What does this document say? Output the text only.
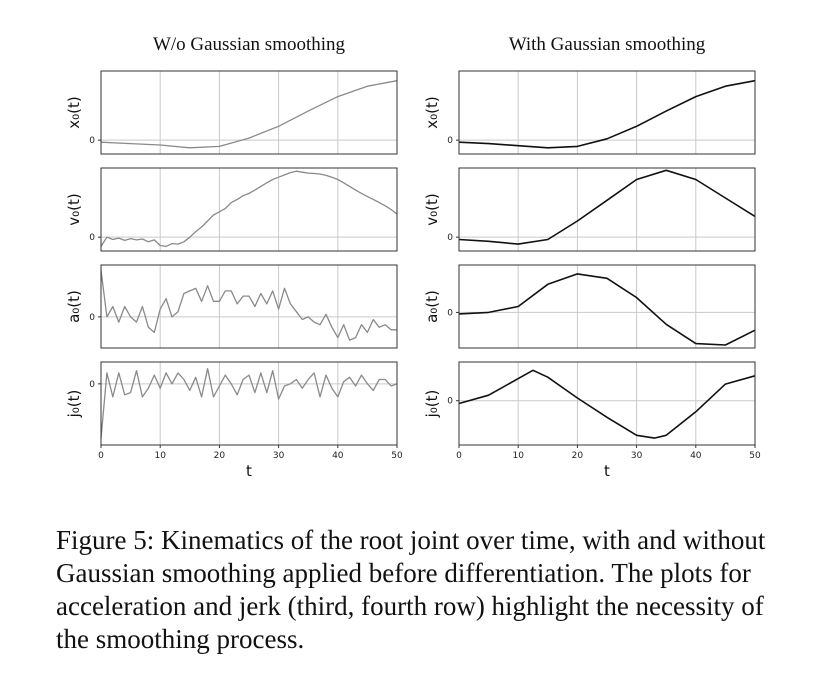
0
x₀(t)
W/o Gaussian smoothing
0
v₀(t)
0
a₀(t)
0
j₀(t)
0	10	20	30	40	50
t
0
x₀(t)
With Gaussian smoothing
0
v₀(t)
0
a₀(t)
0
j₀(t)
0	10	20	30	40	50
t
Figure 5: Kinematics of the root joint over time, with and without Gaussian smoothing applied before differentiation. The plots for acceleration and jerk (third, fourth row) highlight the necessity of the smoothing process.
